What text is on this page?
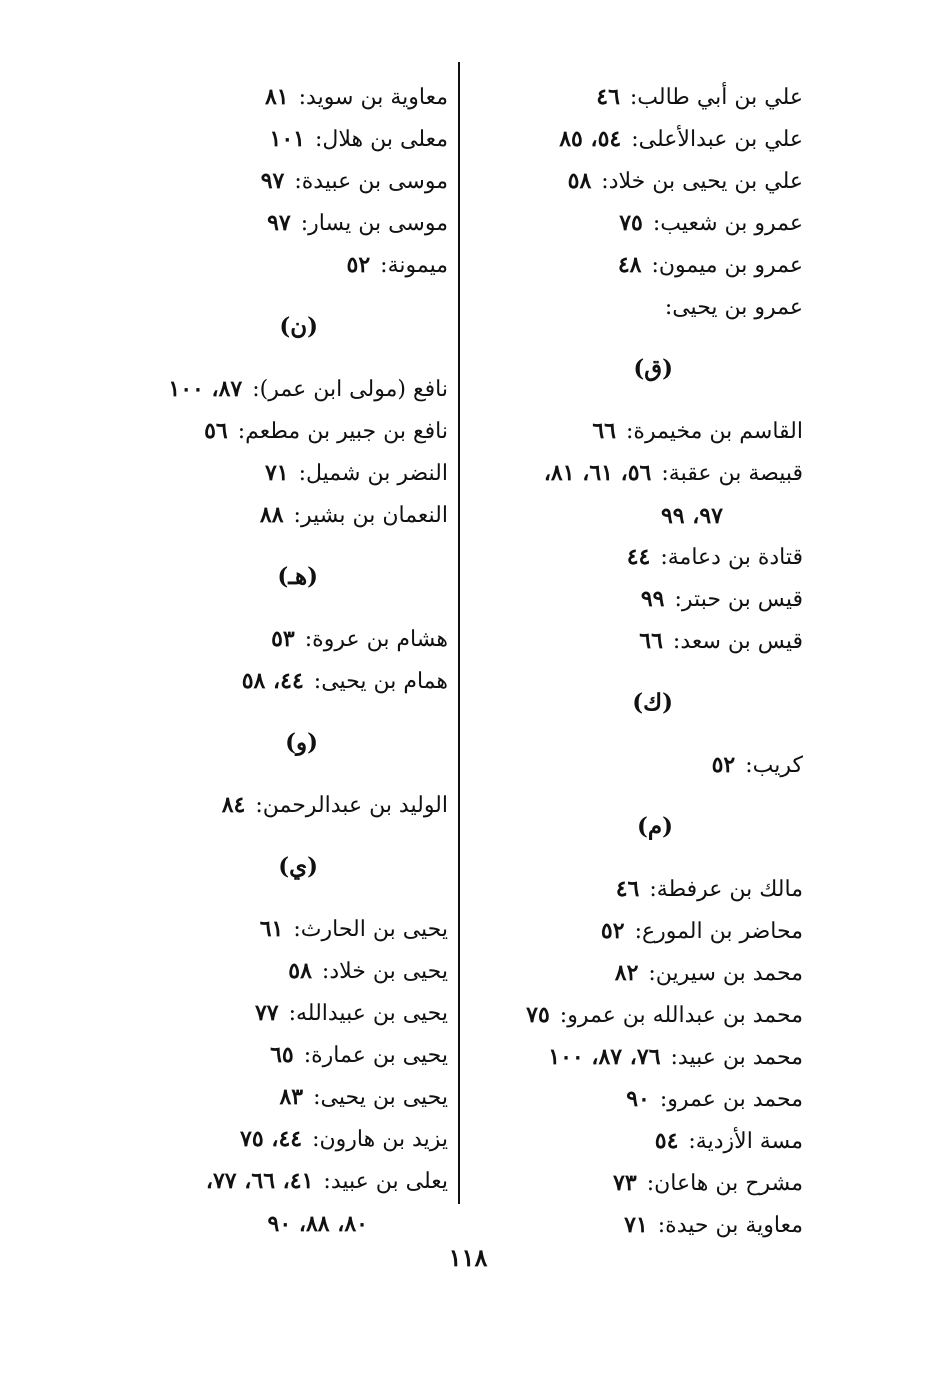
علي بن أبي طالب:٤٦
علي بن عبدالأعلى:٥٤، ٨٥
علي بن يحيى بن خلاد:٥٨
عمرو بن شعيب:٧٥
عمرو بن ميمون:٤٨
عمرو بن يحيى:
(ق)
القاسم بن مخيمرة:٦٦
قبيصة بن عقبة:٥٦، ٦١، ٨١،
٩٧، ٩٩
قتادة بن دعامة:٤٤
قيس بن حبتر:٩٩
قيس بن سعد:٦٦
(ك)
كريب:٥٢
(م)
مالك بن عرفطة:٤٦
محاضر بن المورع:٥٢
محمد بن سيرين:٨٢
محمد بن عبدالله بن عمرو:٧٥
محمد بن عبيد:٧٦، ٨٧، ١٠٠
محمد بن عمرو:٩٠
مسة الأزدية:٥٤
مشرح بن هاعان:٧٣
معاوية بن حيدة:٧١
معاوية بن سويد:٨١
معلى بن هلال:١٠١
موسى بن عبيدة:٩٧
موسى بن يسار:٩٧
ميمونة:٥٢
(ن)
نافع (مولى ابن عمر):٨٧، ١٠٠
نافع بن جبير بن مطعم:٥٦
النضر بن شميل:٧١
النعمان بن بشير:٨٨
(هـ)
هشام بن عروة:٥٣
همام بن يحيى:٤٤، ٥٨
(و)
الوليد بن عبدالرحمن:٨٤
(ي)
يحيى بن الحارث:٦١
يحيى بن خلاد:٥٨
يحيى بن عبيدالله:٧٧
يحيى بن عمارة:٦٥
يحيى بن يحيى:٨٣
يزيد بن هارون:٤٤، ٧٥
يعلى بن عبيد:٤١، ٦٦، ٧٧،
٨٠، ٨٨، ٩٠
١١٨
